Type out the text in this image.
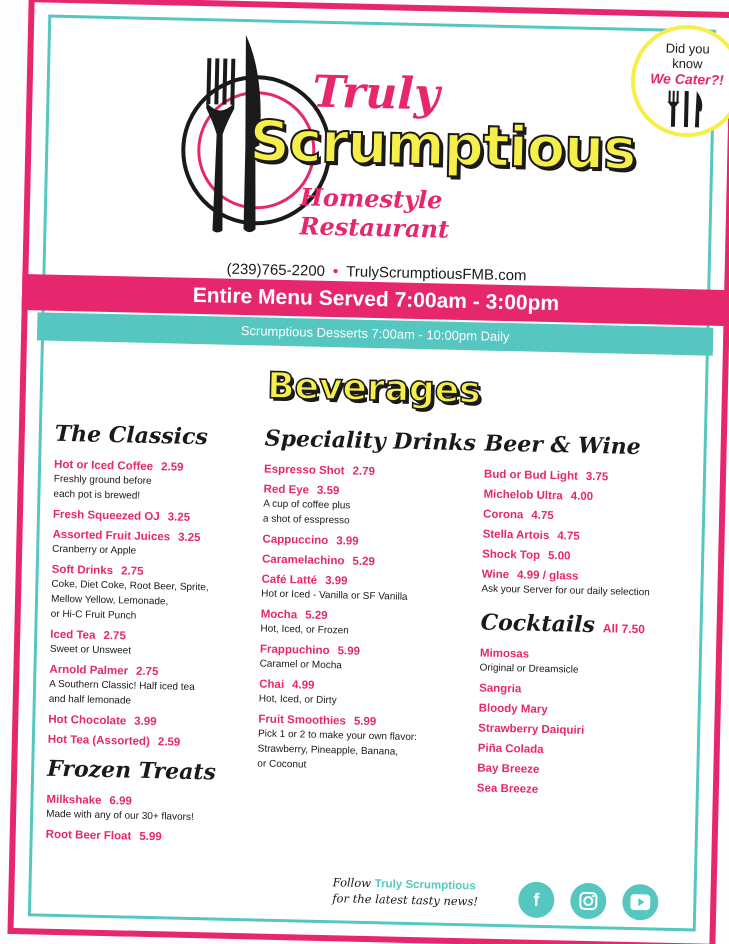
Truly
Scrumptious
Homestyle Restaurant
Did you
know
We Cater?!
(239)765-2200 • TrulyScrumptiousFMB.com
Entire Menu Served 7:00am - 3:00pm
Scrumptious Desserts 7:00am - 10:00pm Daily
Beverages
The Classics
Hot or Iced Coffee 2.59
Freshly ground before
each pot is brewed!
Fresh Squeezed OJ 3.25
Assorted Fruit Juices 3.25
Cranberry or Apple
Soft Drinks 2.75
Coke, Diet Coke, Root Beer, Sprite,
Mellow Yellow, Lemonade,
or Hi-C Fruit Punch
Iced Tea 2.75
Sweet or Unsweet
Arnold Palmer 2.75
A Southern Classic! Half iced tea
and half lemonade
Hot Chocolate 3.99
Hot Tea (Assorted) 2.59
Frozen Treats
Milkshake 6.99
Made with any of our 30+ flavors!
Root Beer Float 5.99
Speciality Drinks
Espresso Shot 2.79
Red Eye 3.59
A cup of coffee plus
a shot of esspresso
Cappuccino 3.99
Caramelachino 5.29
Café Latté 3.99
Hot or Iced - Vanilla or SF Vanilla
Mocha 5.29
Hot, Iced, or Frozen
Frappuchino 5.99
Caramel or Mocha
Chai 4.99
Hot, Iced, or Dirty
Fruit Smoothies 5.99
Pick 1 or 2 to make your own flavor:
Strawberry, Pineapple, Banana,
or Coconut
Beer & Wine
Bud or Bud Light 3.75
Michelob Ultra 4.00
Corona 4.75
Stella Artois 4.75
Shock Top 5.00
Wine 4.99 / glass
Ask your Server for our daily selection
Cocktails All 7.50
Mimosas
Original or Dreamsicle
Sangria
Bloody Mary
Strawberry Daiquiri
Piña Colada
Bay Breeze
Sea Breeze
Follow Truly Scrumptious
for the latest tasty news!	f
